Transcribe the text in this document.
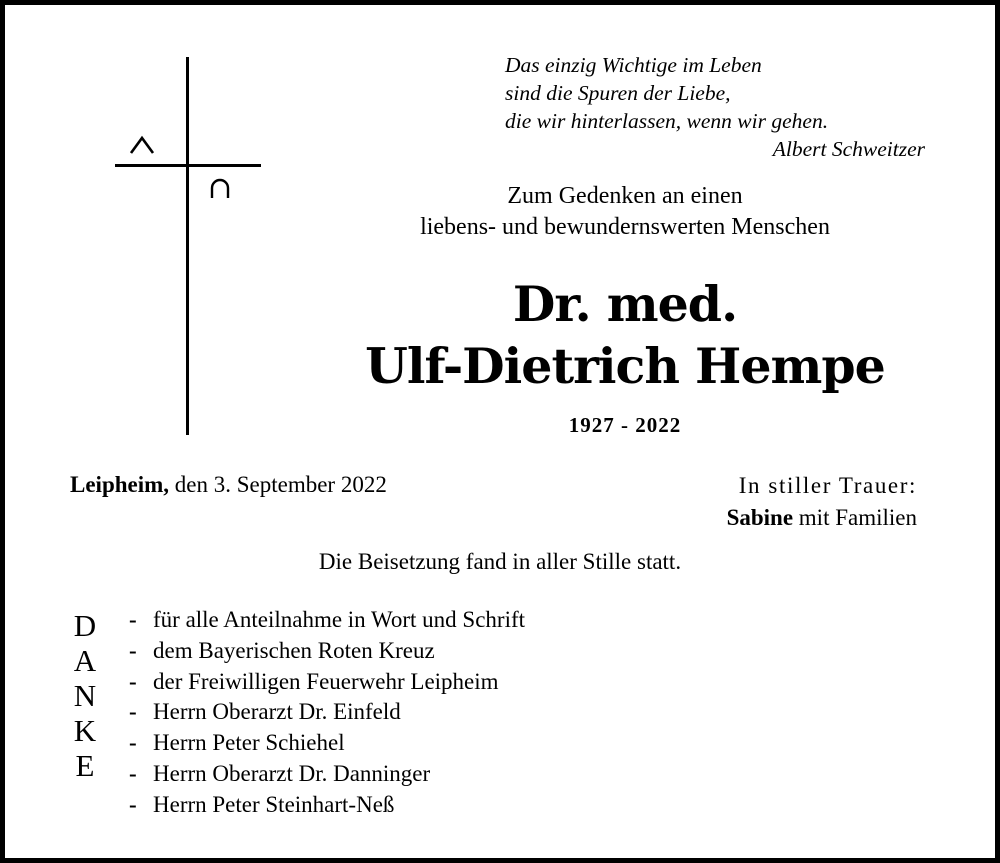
Das einzig Wichtige im Leben
sind die Spuren der Liebe,
die wir hinterlassen, wenn wir gehen.
Albert Schweitzer
Zum Gedenken an einen
liebens- und bewundernswerten Menschen
Dr. med.
Ulf-Dietrich Hempe
1927 - 2022
Leipheim, den 3. September 2022	In stiller Trauer:
Sabine mit Familien
Die Beisetzung fand in aller Stille statt.
D
A
N
K
E
- für alle Anteilnahme in Wort und Schrift
- dem Bayerischen Roten Kreuz
- der Freiwilligen Feuerwehr Leipheim
- Herrn Oberarzt Dr. Einfeld
- Herrn Peter Schiehel
- Herrn Oberarzt Dr. Danninger
- Herrn Peter Steinhart-Neß
